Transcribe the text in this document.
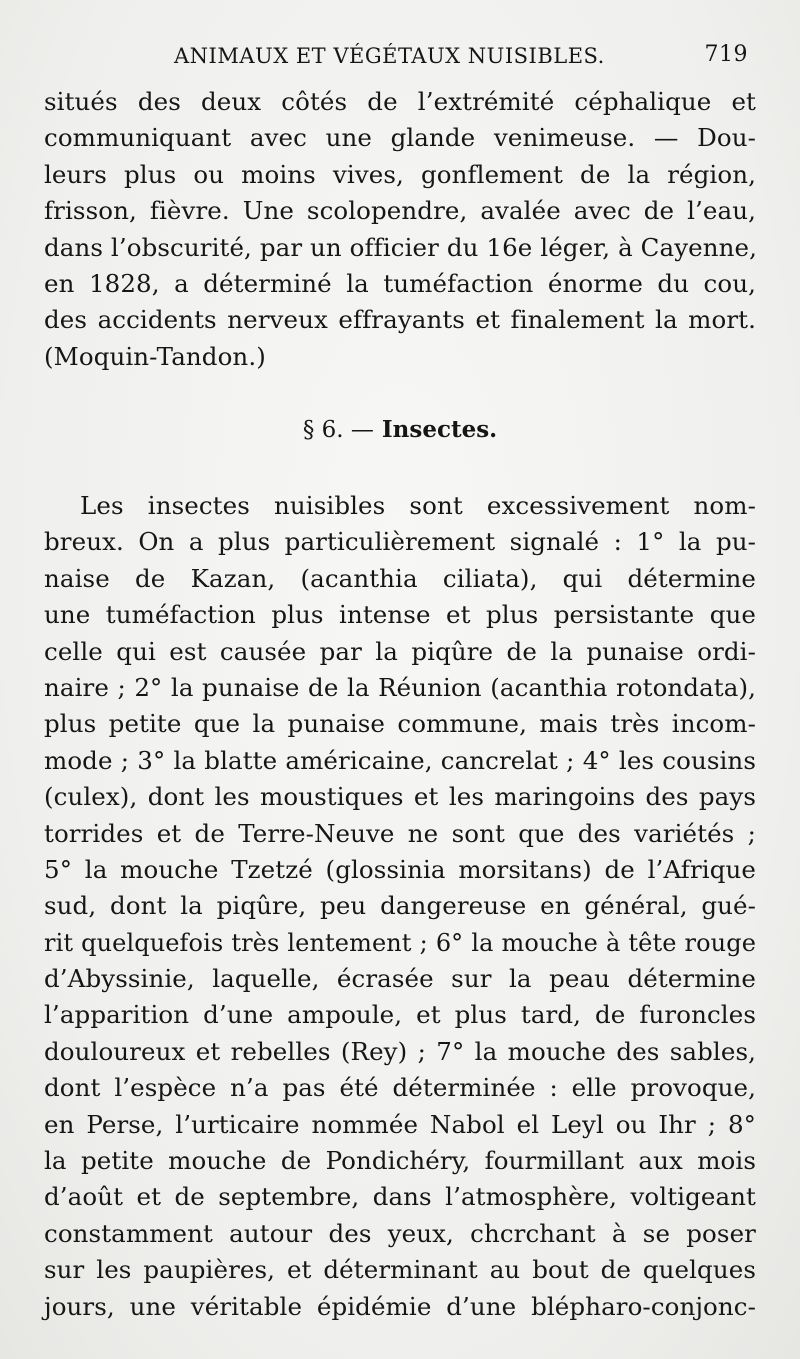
ANIMAUX ET VÉGÉTAUX NUISIBLES.	719
situés des deux côtés de l’extrémité céphalique et
communiquant avec une glande venimeuse. — Dou-
leurs plus ou moins vives, gonflement de la région,
frisson, fièvre. Une scolopendre, avalée avec de l’eau,
dans l’obscurité, par un officier du 16e léger, à Cayenne,
en 1828, a déterminé la tuméfaction énorme du cou,
des accidents nerveux effrayants et finalement la mort.
(Moquin-Tandon.)
§ 6. — Insectes.
Les insectes nuisibles sont excessivement nom-
breux. On a plus particulièrement signalé : 1° la pu-
naise de Kazan, (acanthia ciliata), qui détermine
une tuméfaction plus intense et plus persistante que
celle qui est causée par la piqûre de la punaise ordi-
naire ; 2° la punaise de la Réunion (acanthia rotondata),
plus petite que la punaise commune, mais très incom-
mode ; 3° la blatte américaine, cancrelat ; 4° les cousins
(culex), dont les moustiques et les maringoins des pays
torrides et de Terre-Neuve ne sont que des variétés ;
5° la mouche Tzetzé (glossinia morsitans) de l’Afrique
sud, dont la piqûre, peu dangereuse en général, gué-
rit quelquefois très lentement ; 6° la mouche à tête rouge
d’Abyssinie, laquelle, écrasée sur la peau détermine
l’apparition d’une ampoule, et plus tard, de furoncles
douloureux et rebelles (Rey) ; 7° la mouche des sables,
dont l’espèce n’a pas été déterminée : elle provoque,
en Perse, l’urticaire nommée Nabol el Leyl ou Ihr ; 8°
la petite mouche de Pondichéry, fourmillant aux mois
d’août et de septembre, dans l’atmosphère, voltigeant
constamment autour des yeux, chcrchant à se poser
sur les paupières, et déterminant au bout de quelques
jours, une véritable épidémie d’une blépharo-conjonc-
